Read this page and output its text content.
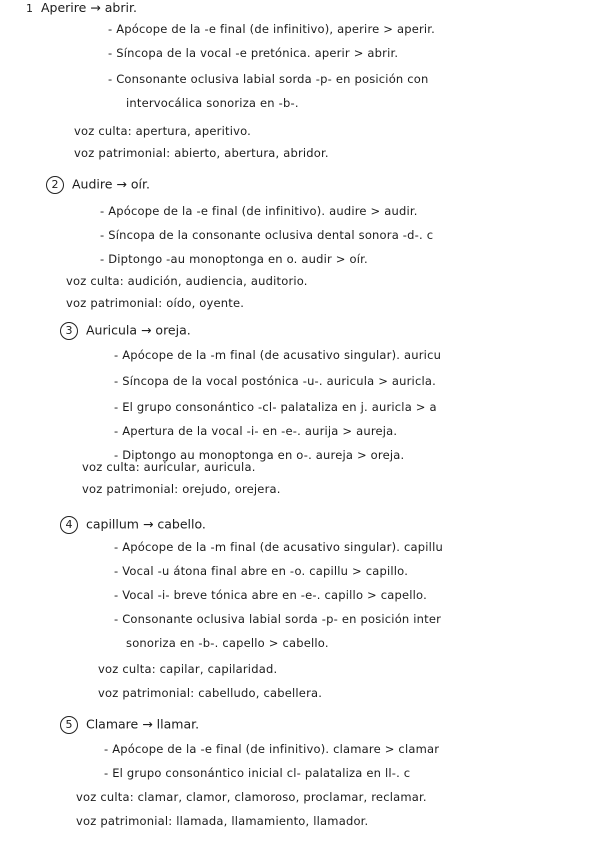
1 Aperire → abrir.
- Apócope de la -e final (de infinitivo), aperire > aperir.
- Síncopa de la vocal -e pretónica. aperir > abrir.
- Consonante oclusiva labial sorda -p- en posición con
intervocálica sonoriza en -b-.
voz culta: apertura, aperitivo.
voz patrimonial: abierto, abertura, abridor.
2 Audire → oír.
- Apócope de la -e final (de infinitivo). audire > audir.
- Síncopa de la consonante oclusiva dental sonora -d-. c
- Diptongo -au monoptonga en o. audir > oír.
voz culta: audición, audiencia, auditorio.
voz patrimonial: oído, oyente.
3 Auricula → oreja.
- Apócope de la -m final (de acusativo singular). auricu
- Síncopa de la vocal postónica -u-. auricula > auricla.
- El grupo consonántico -cl- palataliza en j. auricla > a
- Apertura de la vocal -i- en -e-. aurija > aureja.
- Diptongo au monoptonga en o-. aureja > oreja.
voz culta: auricular, auricula.
voz patrimonial: orejudo, orejera.
4 capillum → cabello.
- Apócope de la -m final (de acusativo singular). capillu
- Vocal -u átona final abre en -o. capillu > capillo.
- Vocal -i- breve tónica abre en -e-. capillo > capello.
- Consonante oclusiva labial sorda -p- en posición inter
sonoriza en -b-. capello > cabello.
voz culta: capilar, capilaridad.
voz patrimonial: cabelludo, cabellera.
5 Clamare → llamar.
- Apócope de la -e final (de infinitivo). clamare > clamar
- El grupo consonántico inicial cl- palataliza en ll-. c
voz culta: clamar, clamor, clamoroso, proclamar, reclamar.
voz patrimonial: llamada, llamamiento, llamador.
